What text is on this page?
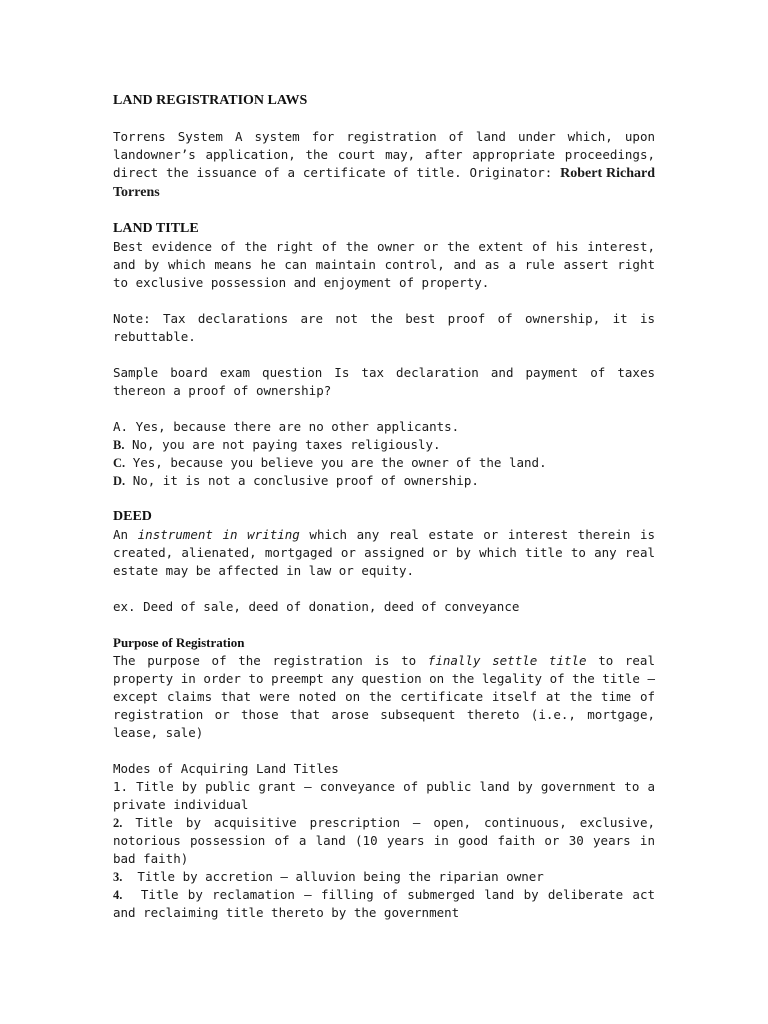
LAND REGISTRATION LAWS

Torrens System A system for registration of land under which, upon landowner’s application, the court may, after appropriate proceedings, direct the issuance of a certificate of title. Originator: Robert Richard Torrens

LAND TITLE

Best evidence of the right of the owner or the extent of his interest, and by which means he can maintain control, and as a rule assert right to exclusive possession and enjoyment of property.

Note: Tax declarations are not the best proof of ownership, it is rebuttable.

Sample board exam question Is tax declaration and payment of taxes thereon a proof of ownership?

A. Yes, because there are no other applicants.
B. No, you are not paying taxes religiously.
C. Yes, because you believe you are the owner of the land.
D. No, it is not a conclusive proof of ownership.
DEED

An instrument in writing which any real estate or interest therein is created, alienated, mortgaged or assigned or by which title to any real estate may be affected in law or equity.

ex. Deed of sale, deed of donation, deed of conveyance

Purpose of Registration

The purpose of the registration is to finally settle title to real property in order to preempt any question on the legality of the title – except claims that were noted on the certificate itself at the time of registration or those that arose subsequent thereto (i.e., mortgage, lease, sale)

Modes of Acquiring Land Titles

1. Title by public grant – conveyance of public land by government to a private individual

2. Title by acquisitive prescription – open, continuous, exclusive, notorious possession of a land (10 years in good faith or 30 years in bad faith)

3.  Title by accretion – alluvion being the riparian owner

4.  Title by reclamation – filling of submerged land by deliberate act and reclaiming title thereto by the government
